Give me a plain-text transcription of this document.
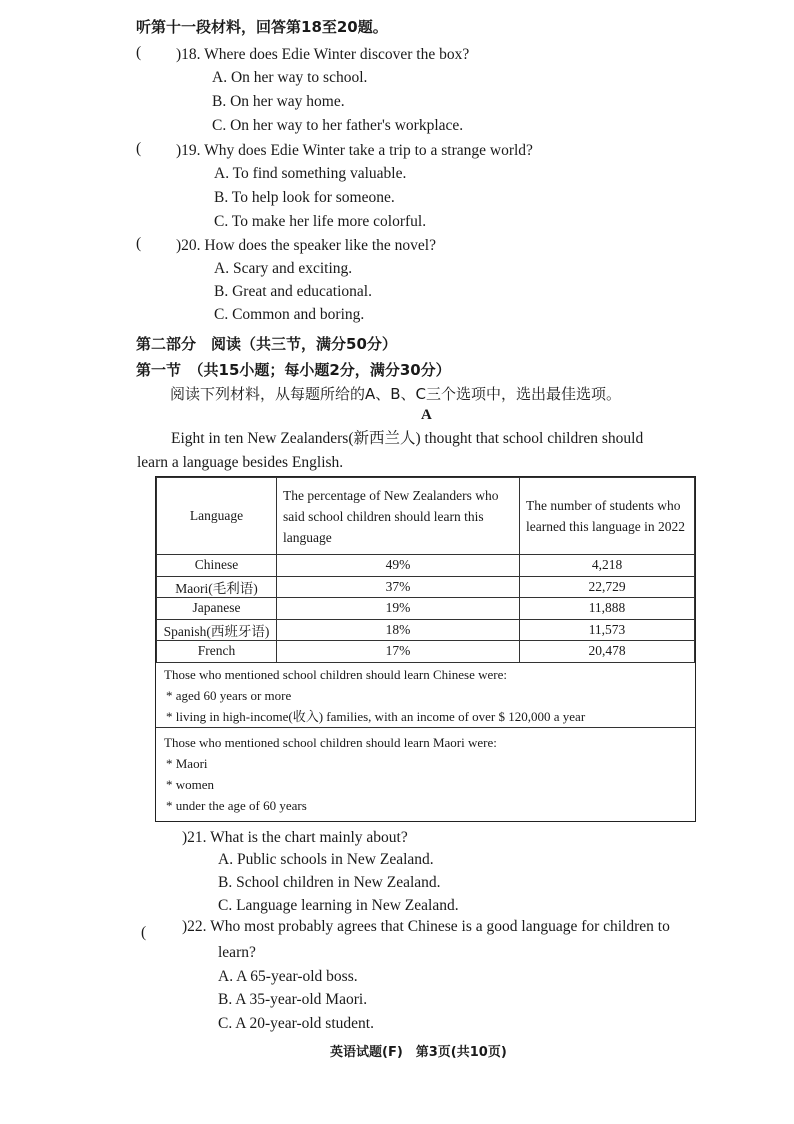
听第十一段材料，回答第18至20题。
( )18. Where does Edie Winter discover the box?
A. On her way to school.
B. On her way home.
C. On her way to her father's workplace.
( )19. Why does Edie Winter take a trip to a strange world?
A. To find something valuable.
B. To help look for someone.
C. To make her life more colorful.
( )20. How does the speaker like the novel?
A. Scary and exciting.
B. Great and educational.
C. Common and boring.
第二部分　阅读（共三节，满分50分）
第一节　（共15小题；每小题2分，满分30分）
阅读下列材料，从每题所给的A、B、C三个选项中，选出最佳选项。
A
Eight in ten New Zealanders(新西兰人) thought that school children should
learn a language besides English.
Language	The percentage of New Zealanders who said school children should learn this language	The number of students who learned this language in 2022
Chinese	49%	4,218
Maori(毛利语)	37%	22,729
Japanese	19%	11,888
Spanish(西班牙语)	18%	11,573
French	17%	20,478
Those who mentioned school children should learn Chinese were:
* aged 60 years or more
* living in high-income(收入) families, with an income of over $ 120,000 a year
Those who mentioned school children should learn Maori were:
* Maori
* women
* under the age of 60 years
)21. What is the chart mainly about?
A. Public schools in New Zealand.
B. School children in New Zealand.
C. Language learning in New Zealand.
( )22. Who most probably agrees that Chinese is a good language for children to
learn?
A. A 65-year-old boss.
B. A 35-year-old Maori.
C. A 20-year-old student.
英语试题(F)　第3页(共10页)
